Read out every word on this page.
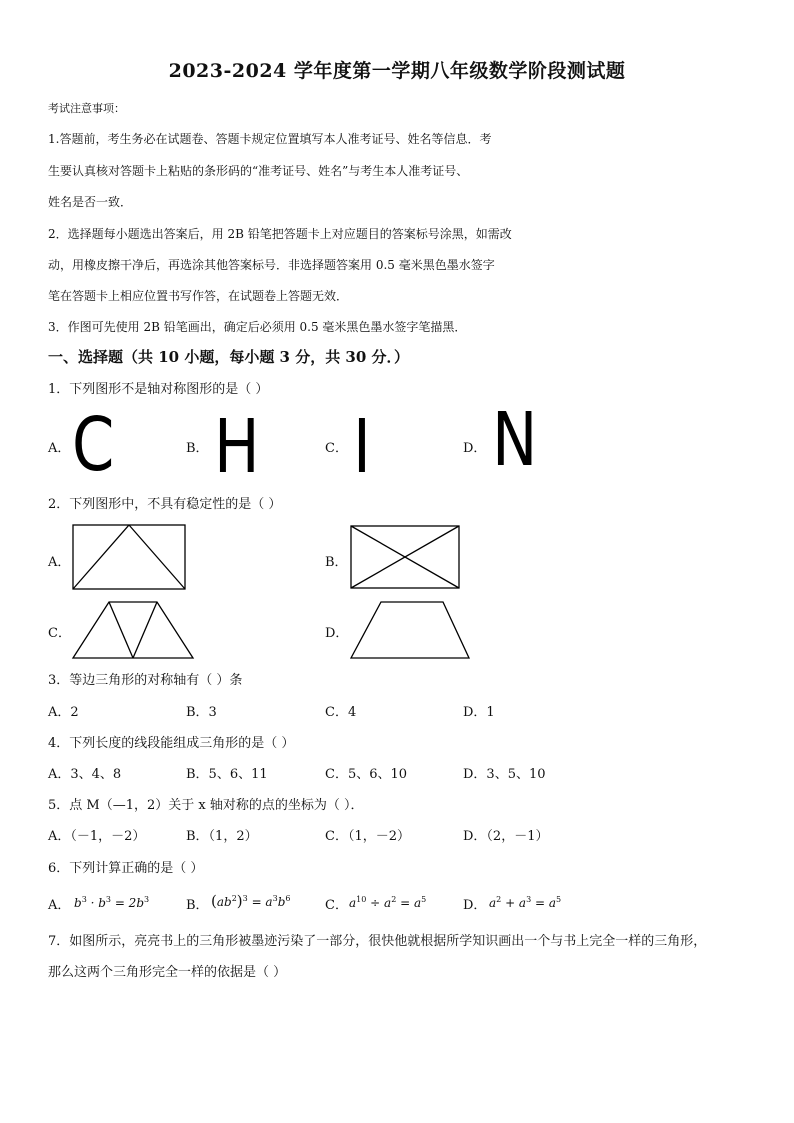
2023-2024 学年度第一学期八年级数学阶段测试题
考试注意事项：
1.答题前，考生务必在试题卷、答题卡规定位置填写本人准考证号、姓名等信息．考
生要认真核对答题卡上粘贴的条形码的“准考证号、姓名”与考生本人准考证号、
姓名是否一致．
2．选择题每小题选出答案后，用 2B 铅笔把答题卡上对应题目的答案标号涂黑，如需改
动，用橡皮擦干净后，再选涂其他答案标号．非选择题答案用 0.5 毫米黑色墨水签字
笔在答题卡上相应位置书写作答，在试题卷上答题无效．
3．作图可先使用 2B 铅笔画出，确定后必须用 0.5 毫米黑色墨水签字笔描黑．
一、选择题（共 10 小题，每小题 3 分，共 30 分．）
1．下列图形不是轴对称图形的是（ ）
A． C	B． H	C． I	D． N
2．下列图形中，不具有稳定性的是（ ）
A．	B．
C．	D．
3．等边三角形的对称轴有（ ）条
A．2	B．3	C．4	D．1
4．下列长度的线段能组成三角形的是（ ）
A．3、4、8	B．5、6、11	C．5、6、10	D．3、5、10
5．点 M（—1，2）关于 x 轴对称的点的坐标为（ ）．
A．（－1，－2）	B．（1，2）	C．（1，－2）	D．（2，－1）
6．下列计算正确的是（ ）
A． $b^3 \cdot b^3 = 2b^3$	B． $(ab^2)^3 = a^3b^6$	C． $a^{10} \div a^2 = a^5$	D． $a^2 + a^3 = a^5$
7．如图所示，亮亮书上的三角形被墨迹污染了一部分，很快他就根据所学知识画出一个与书上完全一样的三角形，
那么这两个三角形完全一样的依据是（ ）
